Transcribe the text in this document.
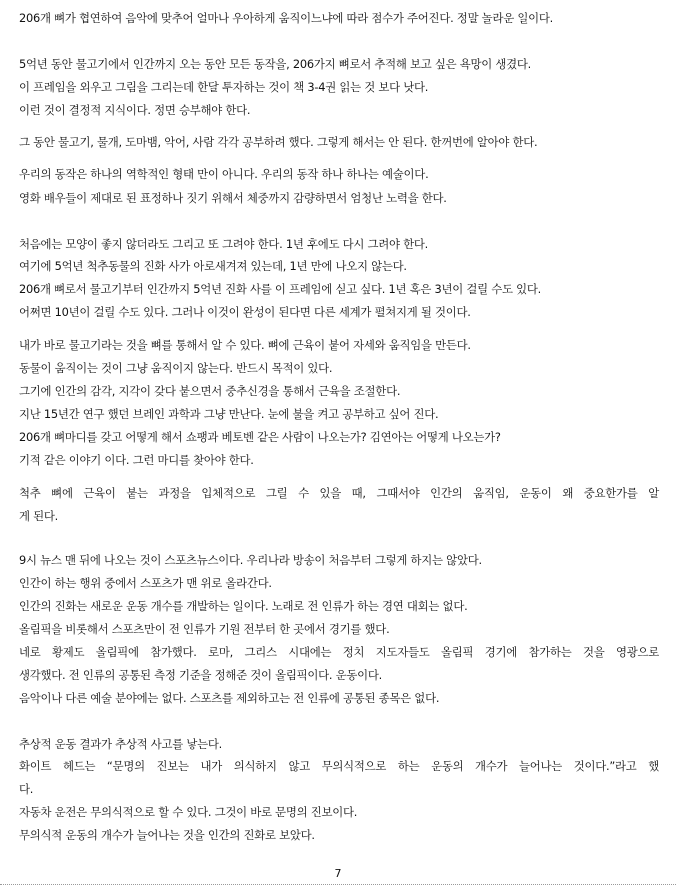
206개 뼈가 협연하여 음악에 맞추어 얼마나 우아하게 움직이느냐에 따라 점수가 주어진다. 정말 놀라운 일이다.
5억년 동안 물고기에서 인간까지 오는 동안 모든 동작을, 206가지 뼈로서 추적해 보고 싶은 욕망이 생겼다.
이 프레임을 외우고 그림을 그리는데 한달 투자하는 것이 책 3-4권 읽는 것 보다 낫다.
이런 것이 결정적 지식이다. 정면 승부해야 한다.
그 동안 물고기, 물개, 도마뱀, 악어, 사람 각각 공부하려 했다. 그렇게 해서는 안 된다. 한꺼번에 알아야 한다.
우리의 동작은 하나의 역학적인 형태 만이 아니다. 우리의 동작 하나 하나는 예술이다.
영화 배우들이 제대로 된 표정하나 짓기 위해서 체중까지 감량하면서 엄청난 노력을 한다.
처음에는 모양이 좋지 않더라도 그리고 또 그려야 한다. 1년 후에도 다시 그려야 한다.
여기에 5억년 척추동물의 진화 사가 아로새겨져 있는데, 1년 만에 나오지 않는다.
206개 뼈로서 물고기부터 인간까지 5억년 진화 사를 이 프레임에 싣고 싶다. 1년 혹은 3년이 걸릴 수도 있다.
어쩌면 10년이 걸릴 수도 있다. 그러나 이것이 완성이 된다면 다른 세계가 펼쳐지게 될 것이다.
내가 바로 물고기라는 것을 뼈를 통해서 알 수 있다. 뼈에 근육이 붙어 자세와 움직임을 만든다.
동물이 움직이는 것이 그냥 움직이지 않는다. 반드시 목적이 있다.
그기에 인간의 감각, 지각이 갖다 붙으면서 중추신경을 통해서 근육을 조절한다.
지난 15년간 연구 했던 브레인 과학과 그냥 만난다. 눈에 불을 켜고 공부하고 싶어 진다.
206개 뼈마디를 갖고 어떻게 해서 쇼팽과 베토벤 같은 사람이 나오는가? 김연아는 어떻게 나오는가?
기적 같은 이야기 이다. 그런 마디를 찾아야 한다.
척추 뼈에 근육이 붙는 과정을 입체적으로 그릴 수 있을 때, 그때서야 인간의 움직임, 운동이 왜 중요한가를 알
게 된다.
9시 뉴스 맨 뒤에 나오는 것이 스포츠뉴스이다. 우리나라 방송이 처음부터 그렇게 하지는 않았다.
인간이 하는 행위 중에서 스포츠가 맨 위로 올라간다.
인간의 진화는 새로운 운동 개수를 개발하는 일이다. 노래로 전 인류가 하는 경연 대회는 없다.
올림픽을 비롯해서 스포츠만이 전 인류가 기원 전부터 한 곳에서 경기를 했다.
네로 황제도 올림픽에 참가했다. 로마, 그리스 시대에는 정치 지도자들도 올림픽 경기에 참가하는 것을 영광으로
생각했다. 전 인류의 공통된 측정 기준을 정해준 것이 올림픽이다. 운동이다.
음악이나 다른 예술 분야에는 없다. 스포츠를 제외하고는 전 인류에 공통된 종목은 없다.
추상적 운동 결과가 추상적 사고를 낳는다.
화이트 헤드는 “문명의 진보는 내가 의식하지 않고 무의식적으로 하는 운동의 개수가 늘어나는 것이다.”라고 했
다.
자동차 운전은 무의식적으로 할 수 있다. 그것이 바로 문명의 진보이다.
무의식적 운동의 개수가 늘어나는 것을 인간의 진화로 보았다.
7
